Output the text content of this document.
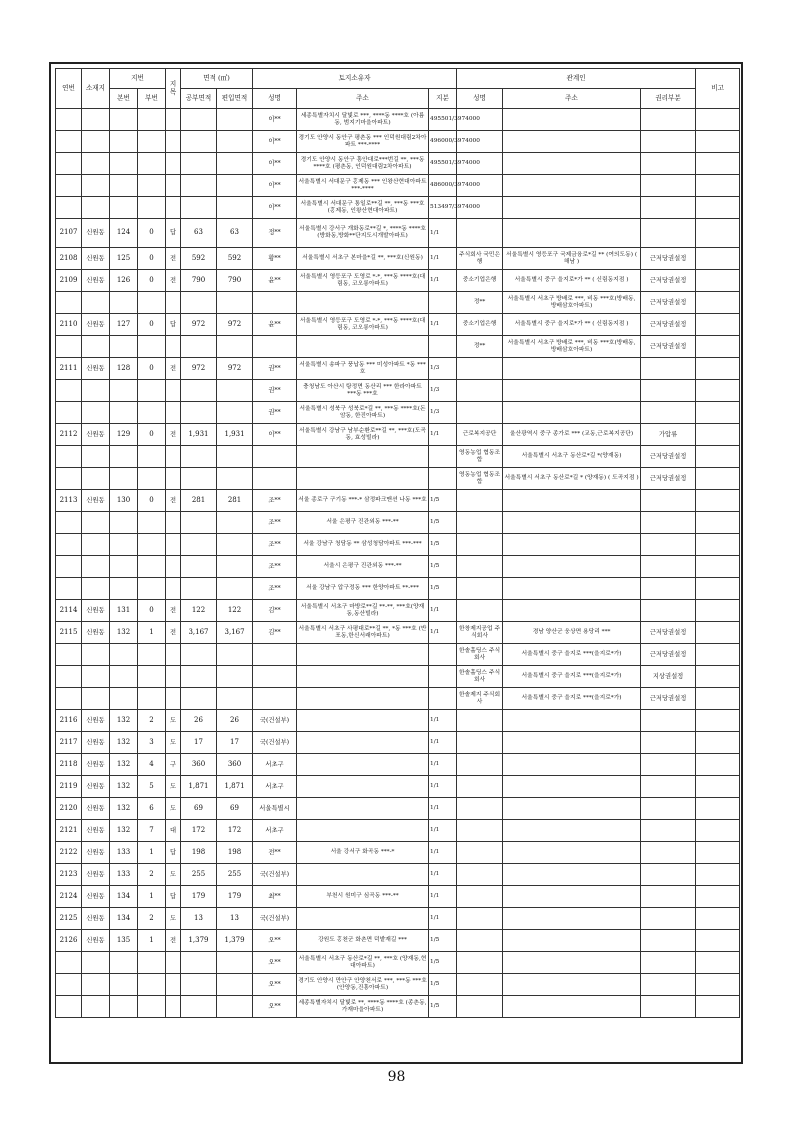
연번	소재지	지번		지목	면적 (㎡)		토지소유자			관계인			비고
		본번	부번		공부면적	편입면적	성명	주소	지분	성명	주소	권리부분	
							이**	세종특별자치시 달빛로 ***, ****동 ****호 (아름동, 범지기마을아파트)	495501/3974000				
							이**	경기도 안양시 동안구 평촌동 *** 인덕원대림2차아파트 ***-****	496000/3974000				
							이**	경기도 안양시 동안구 흥안대로***번길 **, ***동 ****호 (평촌동, 인덕원대림2차아파트)	495501/3974000				
							이**	서울특별시 서대문구 홍제동 *** 인왕산현대아파트 ***-****	486000/3974000				
							이**	서울특별시 서대문구 통일로**길 **, ***동 ***호 (홍제동, 인왕산현대아파트)	513497/3974000				
2107	신원동	124	0	답	63	63	정**	서울특별시 강서구 개화동로**길 *, ****동 ****호 (방화동,방화**단지도시개발아파트)	1/1				
2108	신원동	125	0	전	592	592	황**	서울특별시 서초구 본마을*길 **, ***호(신원동)	1/1	주식회사 국민은행	서울특별시 영등포구 국제금융로*길 ** (여의도동) ( 해남 )	근저당권설정	
2109	신원동	126	0	전	790	790	윤**	서울특별시 영등포구 도영로 *-*, ***동 ****호(대림동, 코오롱아파트)	1/1	중소기업은행	서울특별시 중구 을지로*가 ** ( 신림동지점 )	근저당권설정	
										정**	서울특별시 서초구 방배로 ***, 비동 ***호(방배동, 방배삼호아파트)	근저당권설정	
2110	신원동	127	0	답	972	972	윤**	서울특별시 영등포구 도영로 *-*, ***동 ****호(대림동, 코오롱아파트)	1/1	중소기업은행	서울특별시 중구 을지로*가 ** ( 신림동지점 )	근저당권설정	
										정**	서울특별시 서초구 방배로 ***, 비동 ***호(방배동, 방배삼호아파트)	근저당권설정	
2111	신원동	128	0	전	972	972	권**	서울특별시 송파구 풍납동 *** 미성아파트 *동 ***호	1/3				
							권**	충청남도 아산시 탕정면 동산리 *** 한라아파트 ***동 ***호	1/3				
							권**	서울특별시 성북구 성북로*길 **, ***동 ****호(돈암동, 한진아파트)	1/3				
2112	신원동	129	0	전	1,931	1,931	이**	서울특별시 강남구 남부순환로**길 **, ***호(도곡동, 효성빌라)	1/1	근로복지공단	울산광역시 중구 종가로 *** (교동,근로복지공단)	가압류	
										영동농업 협동조합	서울특별시 서초구 동산로*길 *(양재동)	근저당권설정	
										영동농업 협동조합	서울특별시 서초구 동산로*길 * (양재동) ( 도곡지점 )	근저당권설정	
2113	신원동	130	0	전	281	281	조**	서울 종로구 구기동 ***-* 삼정파크맨션 나동 ***호	1/5				
							조**	서울 은평구 진관외동 ***-**	1/5				
							조**	서울 강남구 청담동 ** 삼성청담아파트 ***-***	1/5				
							조**	서울시 은평구 진관외동 ***-**	1/5				
							조**	서울 강남구 압구정동 *** 한양아파트 **-***	1/5				
2114	신원동	131	0	전	122	122	김**	서울특별시 서초구 마방로**길 **-**, ***호(양재동,동산빌라)	1/1				
2115	신원동	132	1	전	3,167	3,167	김**	서울특별시 서초구 사평대로**길 **, *동 ***호 (반포동,한신서래아파트)	1/1	한창제지공업 주식회사	경남 양산군 웅상면 용당리 ***	근저당권설정	
										한솔홀딩스 주식회사	서울특별시 중구 을지로 ***(을지로*가)	근저당권설정	
										한솔홀딩스 주식회사	서울특별시 중구 을지로 ***(을지로*가)	지상권설정	
										한솔제지 주식회사	서울특별시 중구 을지로 ***(을지로*가)	근저당권설정	
2116	신원동	132	2	도	26	26	국(건설부)		1/1				
2117	신원동	132	3	도	17	17	국(건설부)		1/1				
2118	신원동	132	4	구	360	360	서초구		1/1				
2119	신원동	132	5	도	1,871	1,871	서초구		1/1				
2120	신원동	132	6	도	69	69	서울특별시		1/1				
2121	신원동	132	7	대	172	172	서초구		1/1				
2122	신원동	133	1	답	198	198	전**	서울 강서구 화곡동 ***-*	1/1				
2123	신원동	133	2	도	255	255	국(건설부)		1/1				
2124	신원동	134	1	답	179	179	최**	부천시 원미구 심곡동 ***-**	1/1				
2125	신원동	134	2	도	13	13	국(건설부)		1/1				
2126	신원동	135	1	전	1,379	1,379	오**	강원도 홍천군 화촌면 덕밭재길 ***	1/5				
							오**	서울특별시 서초구 동산로*길 **, ***호 (양재동,현대아파트)	1/5				
							오**	경기도 안양시 만안구 안양천서로 ***, ***동 ***호 (안양동,진흥아파트)	1/5				
							오**	세종특별자치시 달빛로 **, ****동 ****호 (종촌동,가재마을아파트)	1/5				
98
